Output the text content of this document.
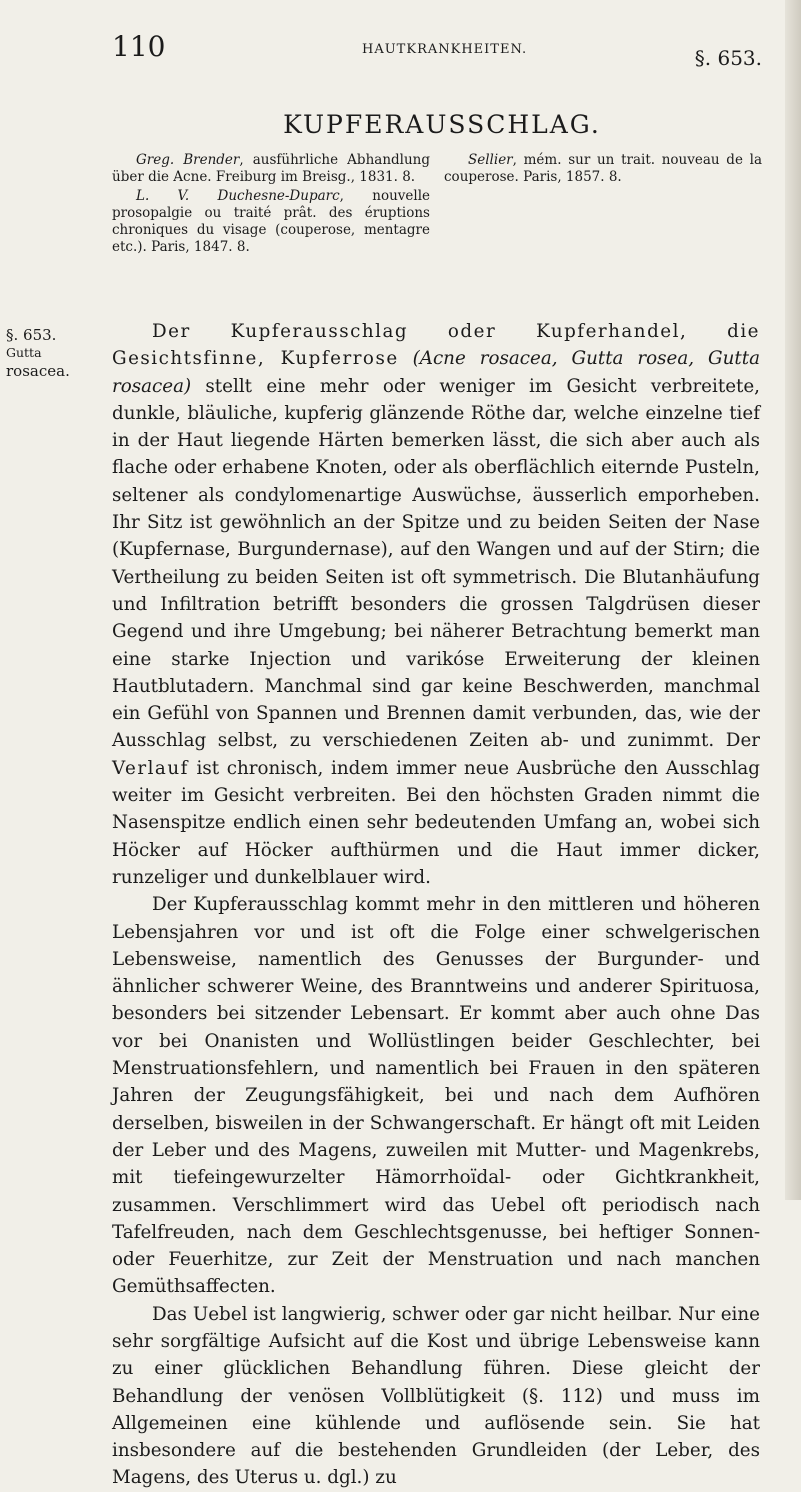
110	HAUTKRANKHEITEN.	§. 653.
KUPFERAUSSCHLAG.

Greg. Brender, ausführliche Abhandlung über die Acne. Freiburg im Breisg., 1831. 8.

L. V. Duchesne-Duparc, nouvelle prosopalgie ou traité prât. des éruptions chroniques du visage (couperose, mentagre etc.). Paris, 1847. 8.

Sellier, mém. sur un trait. nouveau de la couperose. Paris, 1857. 8.

§. 653.
Gutta
rosacea.

Der Kupferausschlag oder Kupferhandel, die Gesichtsfinne, Kupferrose (Acne rosacea, Gutta rosea, Gutta rosacea) stellt eine mehr oder weniger im Gesicht verbreitete, dunkle, bläuliche, kupferig glänzende Röthe dar, welche einzelne tief in der Haut liegende Härten bemerken lässt, die sich aber auch als flache oder erhabene Knoten, oder als oberflächlich eiternde Pusteln, seltener als condylomenartige Auswüchse, äusserlich emporheben. Ihr Sitz ist gewöhnlich an der Spitze und zu beiden Seiten der Nase (Kupfernase, Burgundernase), auf den Wangen und auf der Stirn; die Vertheilung zu beiden Seiten ist oft symmetrisch. Die Blutanhäufung und Infiltration betrifft besonders die grossen Talgdrüsen dieser Gegend und ihre Umgebung; bei näherer Betrachtung bemerkt man eine starke Injection und varikóse Erweiterung der kleinen Hautblutadern. Manchmal sind gar keine Beschwerden, manchmal ein Gefühl von Spannen und Brennen damit verbunden, das, wie der Ausschlag selbst, zu verschiedenen Zeiten ab- und zunimmt. Der Verlauf ist chronisch, indem immer neue Ausbrüche den Ausschlag weiter im Gesicht verbreiten. Bei den höchsten Graden nimmt die Nasenspitze endlich einen sehr bedeutenden Umfang an, wobei sich Höcker auf Höcker aufthürmen und die Haut immer dicker, runzeliger und dunkelblauer wird.

Der Kupferausschlag kommt mehr in den mittleren und höheren Lebensjahren vor und ist oft die Folge einer schwelgerischen Lebensweise, namentlich des Genusses der Burgunder- und ähnlicher schwerer Weine, des Branntweins und anderer Spirituosa, besonders bei sitzender Lebensart. Er kommt aber auch ohne Das vor bei Onanisten und Wollüstlingen beider Geschlechter, bei Menstruationsfehlern, und namentlich bei Frauen in den späteren Jahren der Zeugungsfähigkeit, bei und nach dem Aufhören derselben, bisweilen in der Schwangerschaft. Er hängt oft mit Leiden der Leber und des Magens, zuweilen mit Mutter- und Magenkrebs, mit tiefeingewurzelter Hämorrhoïdal- oder Gichtkrankheit, zusammen. Verschlimmert wird das Uebel oft periodisch nach Tafelfreuden, nach dem Geschlechtsgenusse, bei heftiger Sonnen- oder Feuerhitze, zur Zeit der Menstruation und nach manchen Gemüthsaffecten.

Das Uebel ist langwierig, schwer oder gar nicht heilbar. Nur eine sehr sorgfältige Aufsicht auf die Kost und übrige Lebensweise kann zu einer glücklichen Behandlung führen. Diese gleicht der Behandlung der venösen Vollblütigkeit (§. 112) und muss im Allgemeinen eine kühlende und auflösende sein. Sie hat insbesondere auf die bestehenden Grundleiden (der Leber, des Magens, des Uterus u. dgl.) zu
